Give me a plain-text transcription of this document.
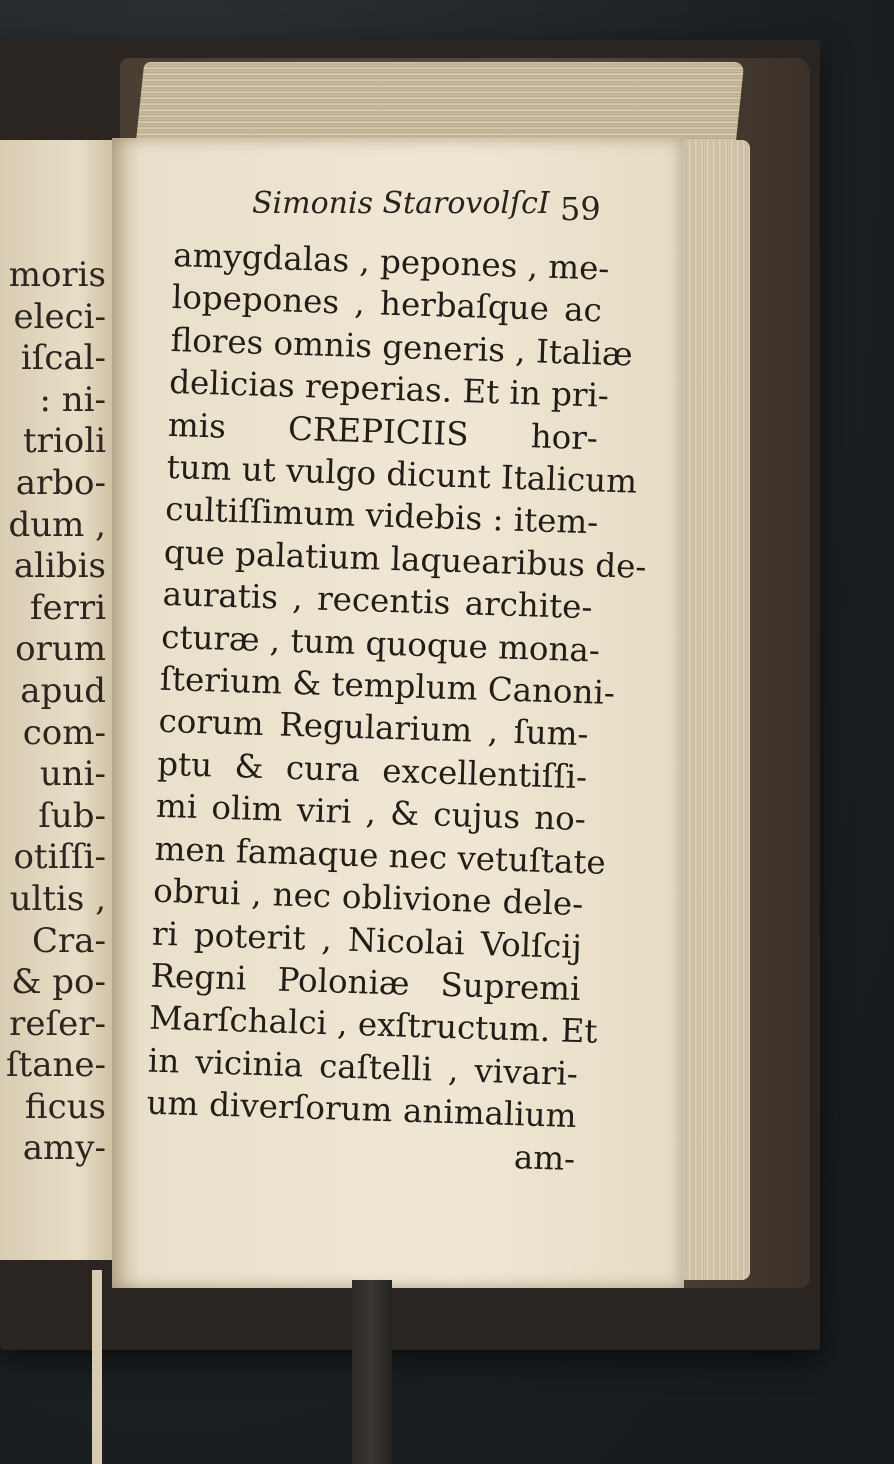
moris
eleci-
iſcal-
: ni-
trioli
arbo-
dum ,
alibis
ferri
orum
apud
com-
uni-
ſub-
otiſſi-
ultis ,
Cra-
& po-
reſer-
ſtane-
ficus
amy-
Simonis StarovolſcI 59
amygdalas , pepones , me-
lopepones , herbaſque ac
flores omnis generis , Italiæ
delicias reperias. Et in pri-
mis CREPICIIS hor-
tum ut vulgo dicunt Italicum
cultiſſimum videbis : item-
que palatium laquearibus de-
auratis , recentis archite-
cturæ , tum quoque mona-
ſterium & templum Canoni-
corum Regularium , ſum-
ptu & cura excellentiſſi-
mi olim viri , & cujus no-
men famaque nec vetuſtate
obrui , nec oblivione dele-
ri poterit , Nicolai Volſcij
Regni Poloniæ Supremi
Marſchalci , exſtructum. Et
in vicinia caſtelli , vivari-
um diverſorum animalium
am-
